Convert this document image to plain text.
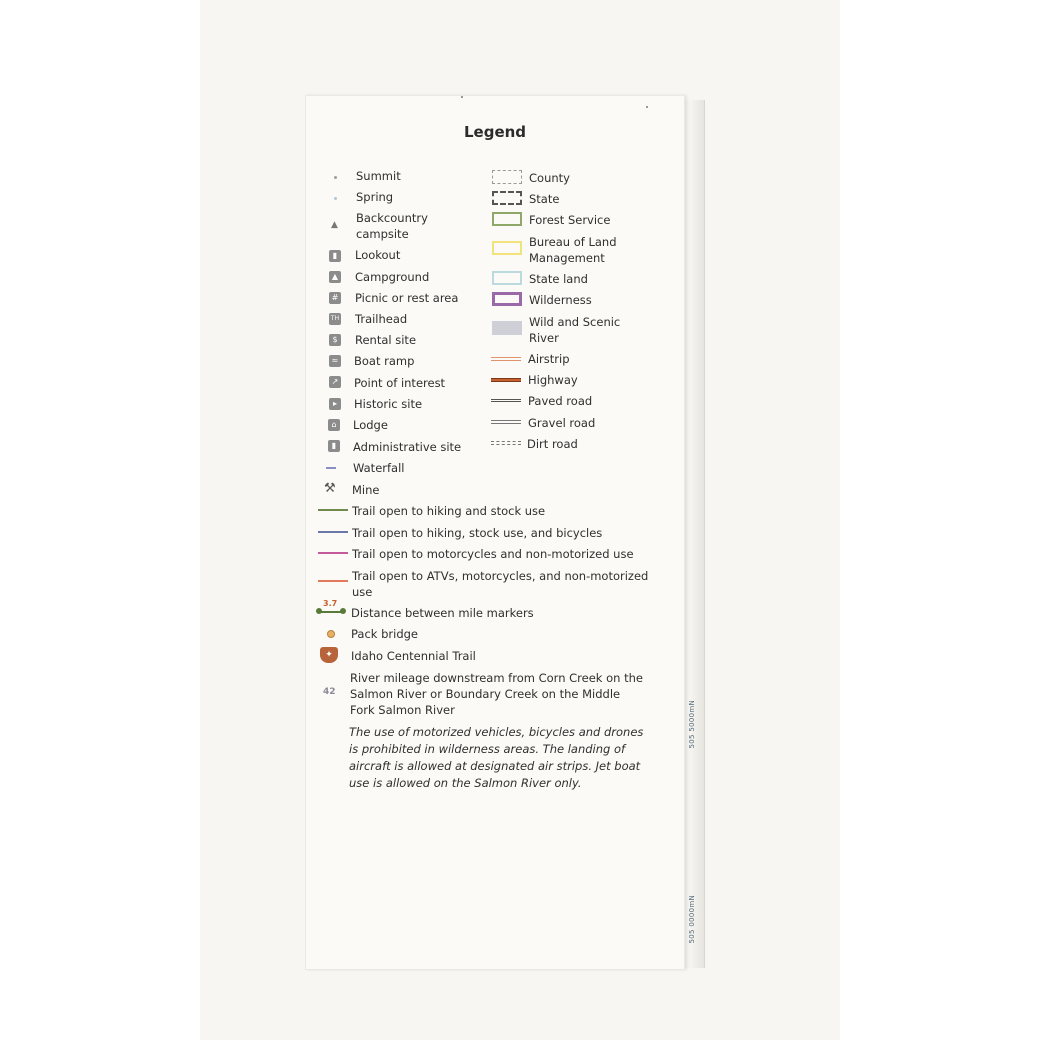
505 5000mN
505 0000mN
Legend
Summit
Spring
▲ Backcountry
campsite
▮	Lookout
▲ Campground
# Picnic or rest area
TH Trailhead
$	Rental site
≈ Boat ramp
↗ Point of interest
▸	Historic site
⌂	Lodge
▮	Administrative site
Waterfall
⚒ Mine
County
State
Forest Service
Bureau of Land
Management
State land
Wilderness
Wild and Scenic
River
Airstrip
Highway
Paved road
Gravel road
Dirt road
Trail open to hiking and stock use
Trail open to hiking, stock use, and bicycles
Trail open to motorcycles and non-motorized use
Trail open to ATVs, motorcycles, and non-motorized
use
3.7
Distance between mile markers
Pack bridge
✦	Idaho Centennial Trail
42
River mileage downstream from Corn Creek on the
Salmon River or Boundary Creek on the Middle
Fork Salmon River
The use of motorized vehicles, bicycles and drones is prohibited in wilderness areas. The landing of aircraft is allowed at designated air strips. Jet boat use is allowed on the Salmon River only.
